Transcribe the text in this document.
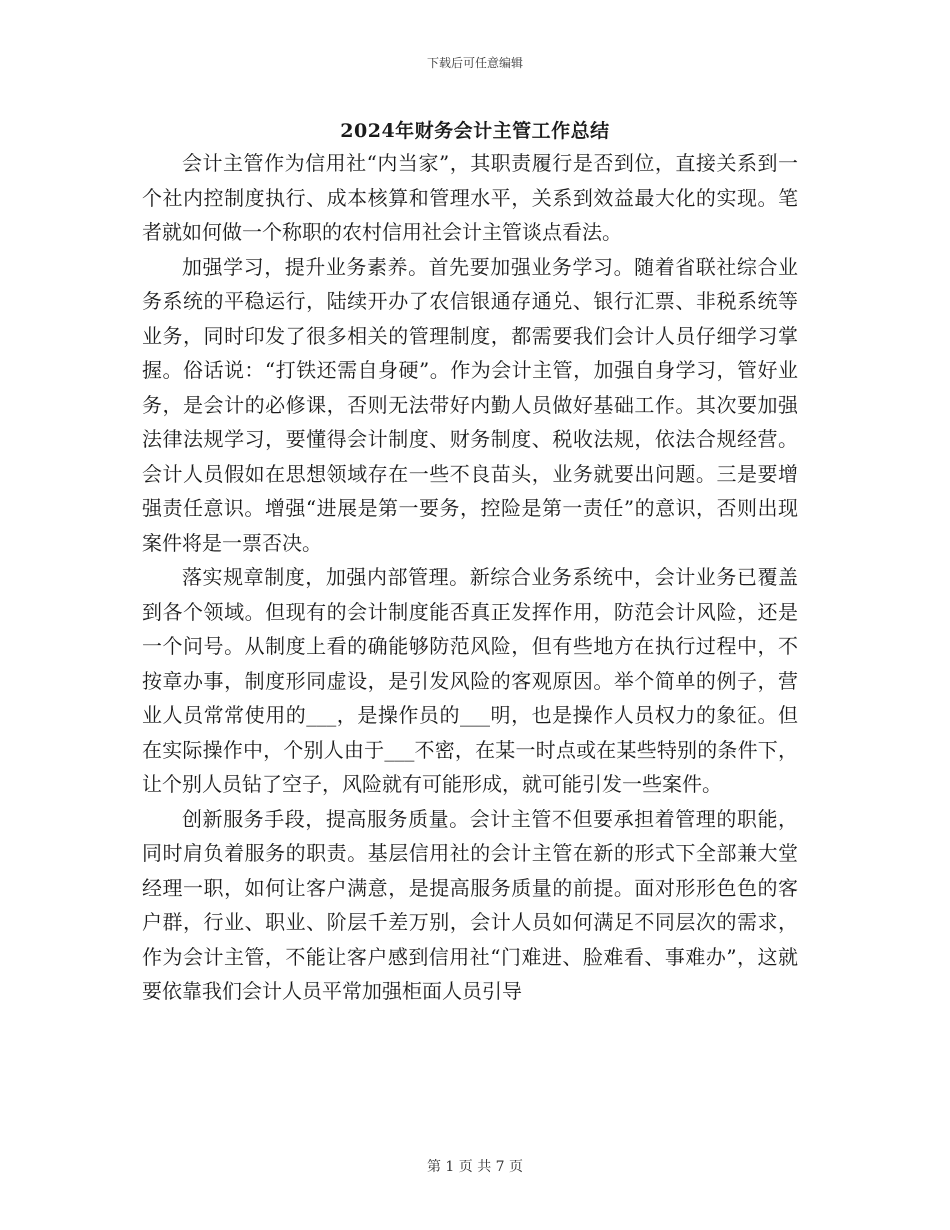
下载后可任意编辑
2024年财务会计主管工作总结

会计主管作为信用社“内当家”，其职责履行是否到位，直接关系到一个社内控制度执行、成本核算和管理水平，关系到效益最大化的实现。笔者就如何做一个称职的农村信用社会计主管谈点看法。

加强学习，提升业务素养。首先要加强业务学习。随着省联社综合业务系统的平稳运行，陆续开办了农信银通存通兑、银行汇票、非税系统等业务，同时印发了很多相关的管理制度，都需要我们会计人员仔细学习掌握。俗话说：“打铁还需自身硬”。作为会计主管，加强自身学习，管好业务，是会计的必修课，否则无法带好内勤人员做好基础工作。其次要加强法律法规学习，要懂得会计制度、财务制度、税收法规，依法合规经营。会计人员假如在思想领域存在一些不良苗头，业务就要出问题。三是要增强责任意识。增强“进展是第一要务，控险是第一责任”的意识，否则出现案件将是一票否决。

落实规章制度，加强内部管理。新综合业务系统中，会计业务已覆盖到各个领域。但现有的会计制度能否真正发挥作用，防范会计风险，还是一个问号。从制度上看的确能够防范风险，但有些地方在执行过程中，不按章办事，制度形同虚设，是引发风险的客观原因。举个简单的例子，营业人员常常使用的___，是操作员的___明，也是操作人员权力的象征。但在实际操作中，个别人由于___不密，在某一时点或在某些特别的条件下，让个别人员钻了空子，风险就有可能形成，就可能引发一些案件。

创新服务手段，提高服务质量。会计主管不但要承担着管理的职能，同时肩负着服务的职责。基层信用社的会计主管在新的形式下全部兼大堂经理一职，如何让客户满意，是提高服务质量的前提。面对形形色色的客户群，行业、职业、阶层千差万别，会计人员如何满足不同层次的需求，作为会计主管，不能让客户感到信用社“门难进、脸难看、事难办”，这就要依靠我们会计人员平常加强柜面人员引导

第 1 页 共 7 页
